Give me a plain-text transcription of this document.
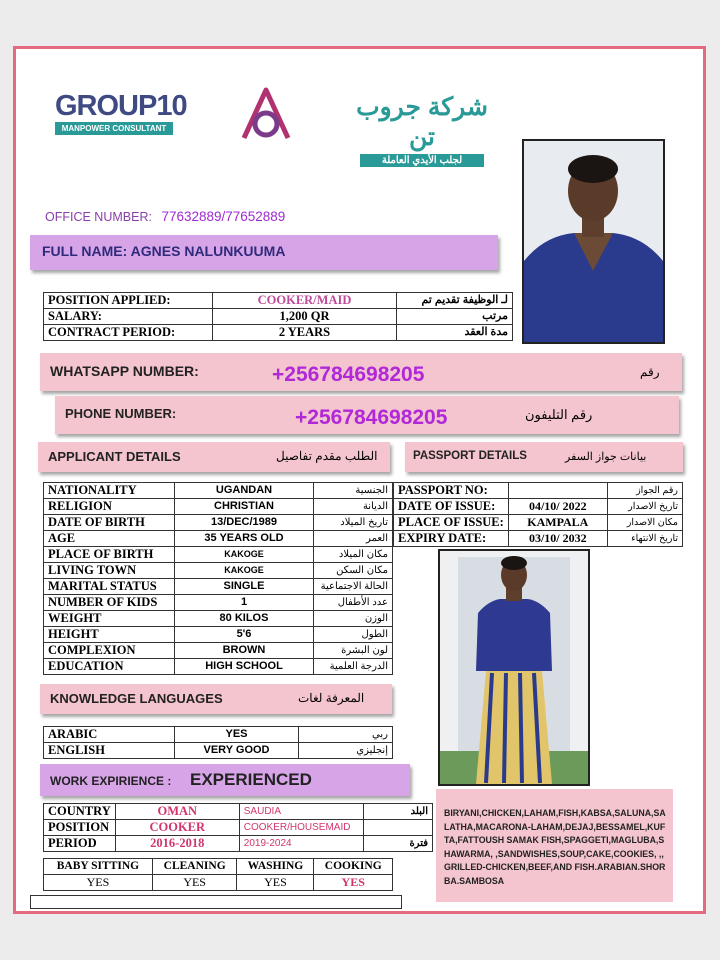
GROUP10
MANPOWER CONSULTANT
شركة جروب تن
لجلب الأيدي العاملة
OFFICE NUMBER: 77632889/77652889
FULL NAME: AGNES NALUNKUUMA
POSITION APPLIED:	COOKER/MAID	لـ الوظيفة تقديم تم
SALARY:	1,200 QR	مرتب
CONTRACT PERIOD:	2 YEARS	مدة العقد
WHATSAPP NUMBER:	+256784698205	رقم
PHONE NUMBER:	+256784698205	رقم التليفون
APPLICANT DETAILS	الطلب مقدم تفاصيل	PASSPORT DETAILS	بيانات جواز السفر
NATIONALITY	UGANDAN	الجنسية
RELIGION	CHRISTIAN	الديانة
DATE OF BIRTH	13/DEC/1989	تاريخ الميلاد
AGE	35 YEARS OLD	العمر
PLACE OF BIRTH	KAKOGE	مكان الميلاد
LIVING TOWN	KAKOGE	مكان السكن
MARITAL STATUS	SINGLE	الحالة الاجتماعية
NUMBER OF KIDS	1	عدد الأطفال
WEIGHT	80 KILOS	الوزن
HEIGHT	5'6	الطول
COMPLEXION	BROWN	لون البشرة
EDUCATION	HIGH SCHOOL	الدرجة العلمية
PASSPORT NO:		رقم الجواز
DATE OF ISSUE:	04/10/ 2022	تاريخ الاصدار
PLACE OF ISSUE:	KAMPALA	مكان الاصدار
EXPIRY DATE:	03/10/ 2032	تاريخ الانتهاء
KNOWLEDGE LANGUAGES	المعرفة لغات
ARABIC	YES	ربي
ENGLISH	VERY GOOD	إنجليزي
WORK EXPIRIENCE : EXPERIENCED
COUNTRY	OMAN	SAUDIA	البلد
POSITION	COOKER	COOKER/HOUSEMAID	
PERIOD	2016-2018	2019-2024	فترة
BABY SITTING	CLEANING	WASHING	COOKING
YES	YES	YES	YES
BIRYANI,CHICKEN,LAHAM,FISH,KABSA,SALUNA,SALATHA,MACARONA-LAHAM,DEJAJ,BESSAMEL,KUFTA,FATTOUSH SAMAK FISH,SPAGGETI,MAGLUBA,SHAWARMA, ,SANDWISHES,SOUP,CAKE,COOKIES, ,,GRILLED-CHICKEN,BEEF,AND FISH.ARABIAN.SHORBA.SAMBOSA
